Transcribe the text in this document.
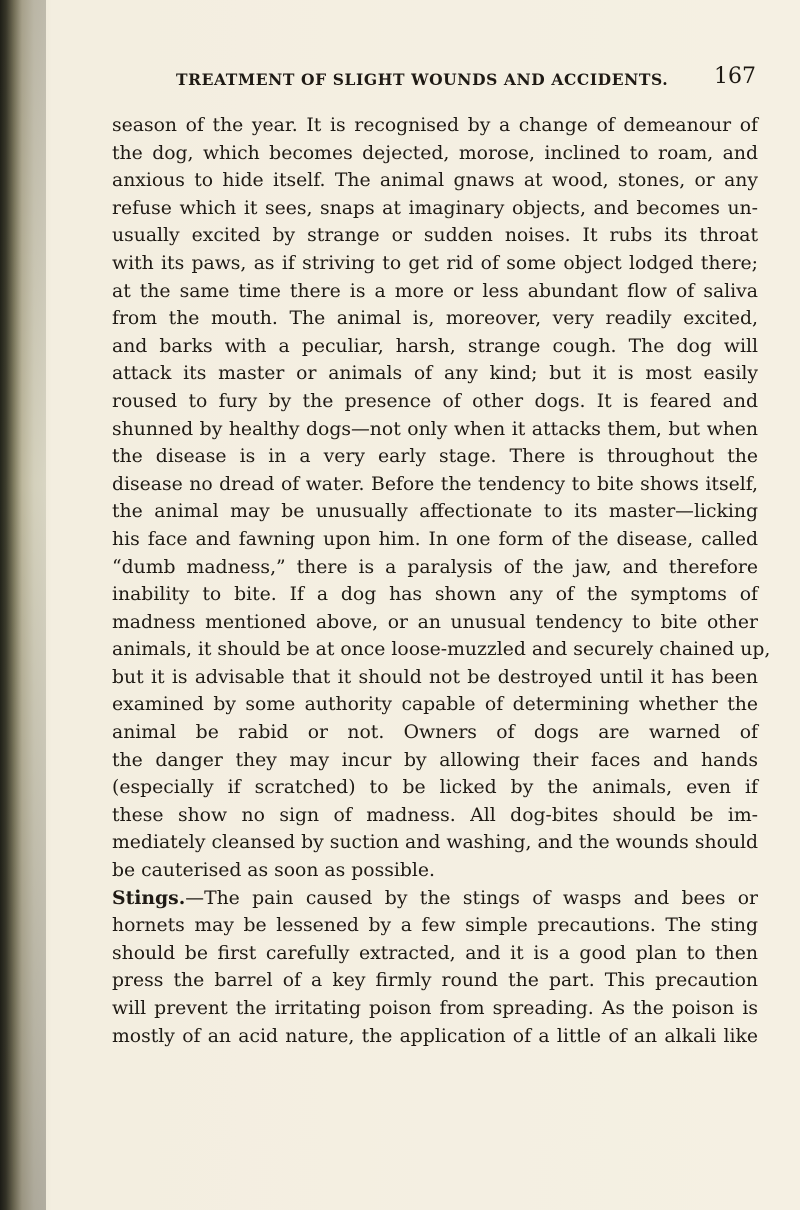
TREATMENT OF SLIGHT WOUNDS AND ACCIDENTS. 167
season of the year. It is recognised by a change of demeanour of
the dog, which becomes dejected, morose, inclined to roam, and
anxious to hide itself. The animal gnaws at wood, stones, or any
refuse which it sees, snaps at imaginary objects, and becomes un-
usually excited by strange or sudden noises. It rubs its throat
with its paws, as if striving to get rid of some object lodged there;
at the same time there is a more or less abundant flow of saliva
from the mouth. The animal is, moreover, very readily excited,
and barks with a peculiar, harsh, strange cough. The dog will
attack its master or animals of any kind; but it is most easily
roused to fury by the presence of other dogs. It is feared and
shunned by healthy dogs—not only when it attacks them, but when
the disease is in a very early stage. There is throughout the
disease no dread of water. Before the tendency to bite shows itself,
the animal may be unusually affectionate to its master—licking
his face and fawning upon him. In one form of the disease, called
“dumb madness,” there is a paralysis of the jaw, and therefore
inability to bite. If a dog has shown any of the symptoms of
madness mentioned above, or an unusual tendency to bite other
animals, it should be at once loose-muzzled and securely chained up,
but it is advisable that it should not be destroyed until it has been
examined by some authority capable of determining whether the
animal be rabid or not. Owners of dogs are warned of
the danger they may incur by allowing their faces and hands
(especially if scratched) to be licked by the animals, even if
these show no sign of madness. All dog-bites should be im-
mediately cleansed by suction and washing, and the wounds should
be cauterised as soon as possible.
Stings.—The pain caused by the stings of wasps and bees or
hornets may be lessened by a few simple precautions. The sting
should be first carefully extracted, and it is a good plan to then
press the barrel of a key firmly round the part. This precaution
will prevent the irritating poison from spreading. As the poison is
mostly of an acid nature, the application of a little of an alkali like
